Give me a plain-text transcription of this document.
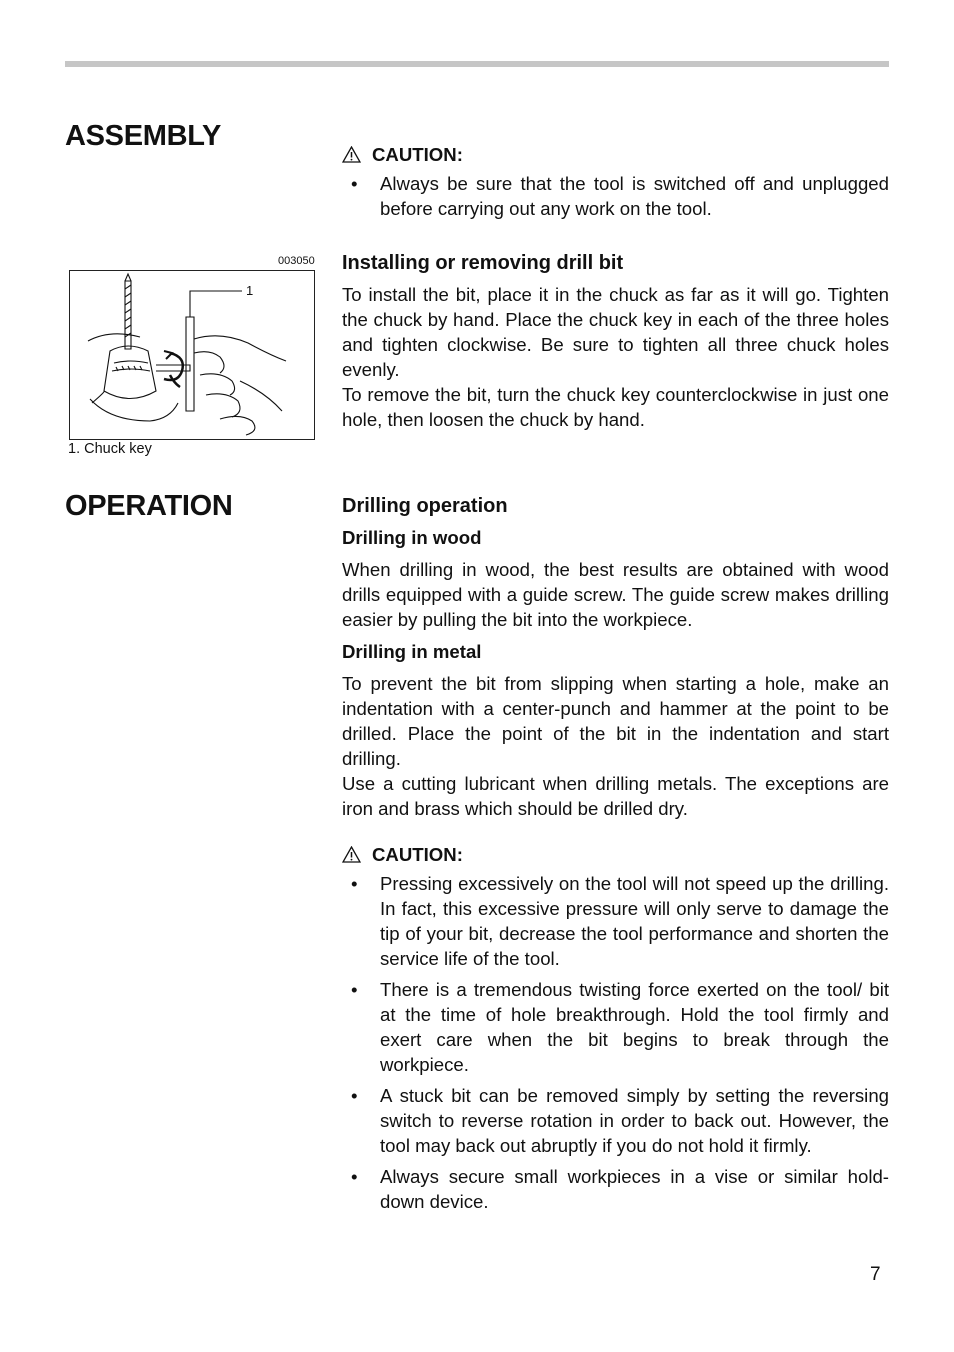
ASSEMBLY
CAUTION:
• Always be sure that the tool is switched off and unplugged before carrying out any work on the tool.
003050
1
1. Chuck key
Installing or removing drill bit

To install the bit, place it in the chuck as far as it will go. Tighten the chuck by hand. Place the chuck key in each of the three holes and tighten clockwise. Be sure to tighten all three chuck holes evenly.

To remove the bit, turn the chuck key counterclockwise in just one hole, then loosen the chuck by hand.

OPERATION	Drilling operation
Drilling in wood

When drilling in wood, the best results are obtained with wood drills equipped with a guide screw. The guide screw makes drilling easier by pulling the bit into the workpiece.

Drilling in metal

To prevent the bit from slipping when starting a hole, make an indentation with a center-punch and hammer at the point to be drilled. Place the point of the bit in the indentation and start drilling.

Use a cutting lubricant when drilling metals. The exceptions are iron and brass which should be drilled dry.

CAUTION:
• Pressing excessively on the tool will not speed up the drilling. In fact, this excessive pressure will only serve to damage the tip of your bit, decrease the tool performance and shorten the service life of the tool.
• There is a tremendous twisting force exerted on the tool/ bit at the time of hole breakthrough. Hold the tool firmly and exert care when the bit begins to break through the workpiece.
• A stuck bit can be removed simply by setting the reversing switch to reverse rotation in order to back out. However, the tool may back out abruptly if you do not hold it firmly.
• Always secure small workpieces in a vise or similar hold-down device.
7
